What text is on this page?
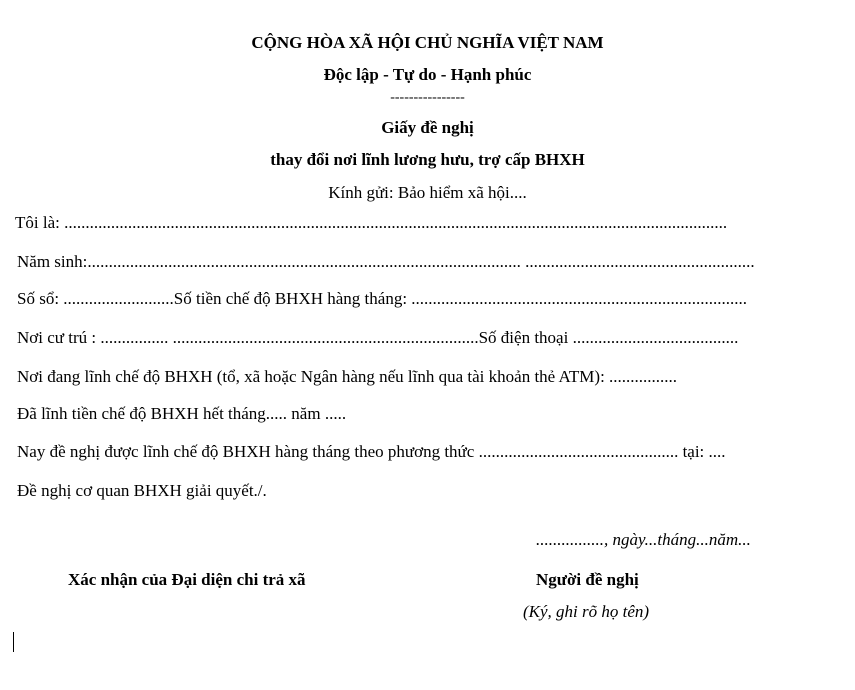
CỘNG HÒA XÃ HỘI CHỦ NGHĨA VIỆT NAM
Độc lập - Tự do - Hạnh phúc
----------------
Giấy đề nghị
thay đổi nơi lĩnh lương hưu, trợ cấp BHXH
Kính gửi: Bảo hiểm xã hội....
Tôi là: ............................................................................................................................................................
Năm sinh:...................................................................................................... ......................................................
Số sổ: ..........................Số tiền chế độ BHXH hàng tháng: ...............................................................................
Nơi cư trú : ................ ........................................................................Số điện thoại .......................................
Nơi đang lĩnh chế độ BHXH (tổ, xã hoặc Ngân hàng nếu lĩnh qua tài khoản thẻ ATM): ................
Đã lĩnh tiền chế độ BHXH hết tháng..... năm .....
Nay đề nghị được lĩnh chế độ BHXH hàng tháng theo phương thức ............................................... tại: ....
Đề nghị cơ quan BHXH giải quyết./.
................, ngày...tháng...năm...
Xác nhận của Đại diện chi trả xã	Người đề nghị
(Ký, ghi rõ họ tên)
